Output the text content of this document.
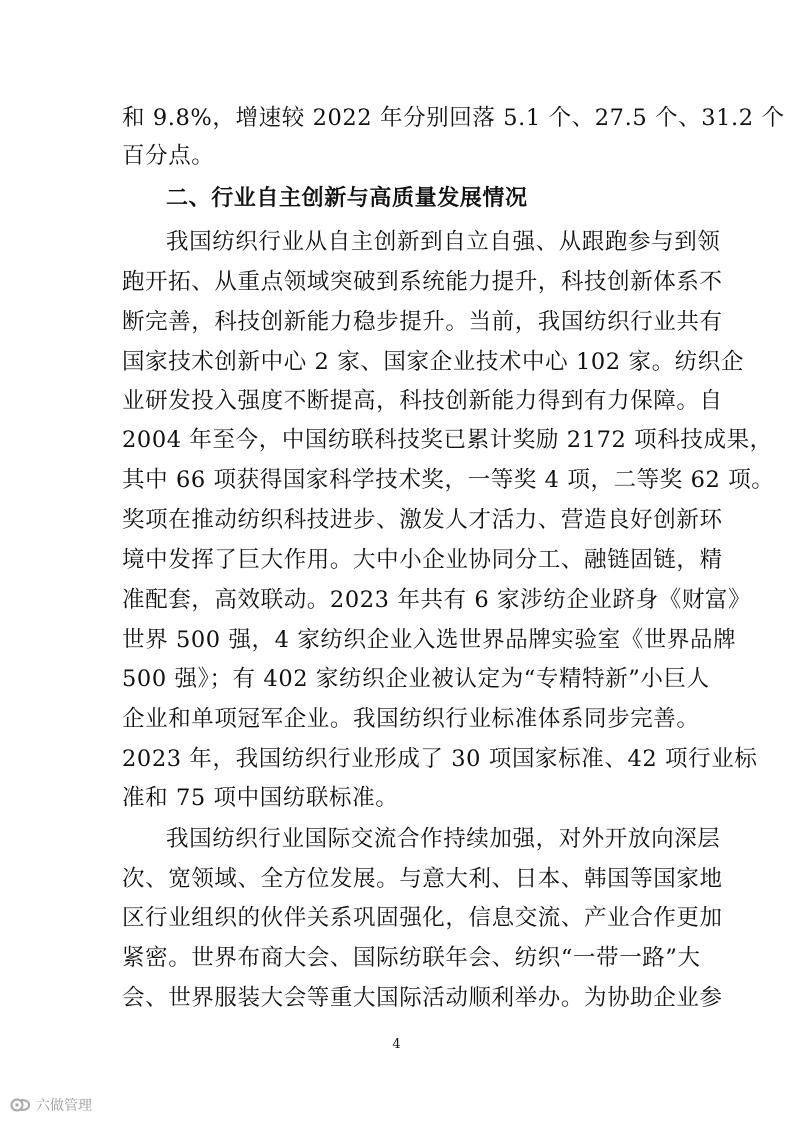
和 9.8%，增速较 2022 年分别回落 5.1 个、27.5 个、31.2 个
百分点。
二、行业自主创新与高质量发展情况
我国纺织行业从自主创新到自立自强、从跟跑参与到领
跑开拓、从重点领域突破到系统能力提升，科技创新体系不
断完善，科技创新能力稳步提升。当前，我国纺织行业共有
国家技术创新中心 2 家、国家企业技术中心 102 家。纺织企
业研发投入强度不断提高，科技创新能力得到有力保障。自
2004 年至今，中国纺联科技奖已累计奖励 2172 项科技成果，
其中 66 项获得国家科学技术奖，一等奖 4 项，二等奖 62 项。
奖项在推动纺织科技进步、激发人才活力、营造良好创新环
境中发挥了巨大作用。大中小企业协同分工、融链固链，精
准配套，高效联动。2023 年共有 6 家涉纺企业跻身《财富》
世界 500 强，4 家纺织企业入选世界品牌实验室《世界品牌
500 强》；有 402 家纺织企业被认定为“专精特新”小巨人
企业和单项冠军企业。我国纺织行业标准体系同步完善。
2023 年，我国纺织行业形成了 30 项国家标准、42 项行业标
准和 75 项中国纺联标准。
我国纺织行业国际交流合作持续加强，对外开放向深层
次、宽领域、全方位发展。与意大利、日本、韩国等国家地
区行业组织的伙伴关系巩固强化，信息交流、产业合作更加
紧密。世界布商大会、国际纺联年会、纺织“一带一路”大
会、世界服装大会等重大国际活动顺利举办。为协助企业参
4
六做管理
